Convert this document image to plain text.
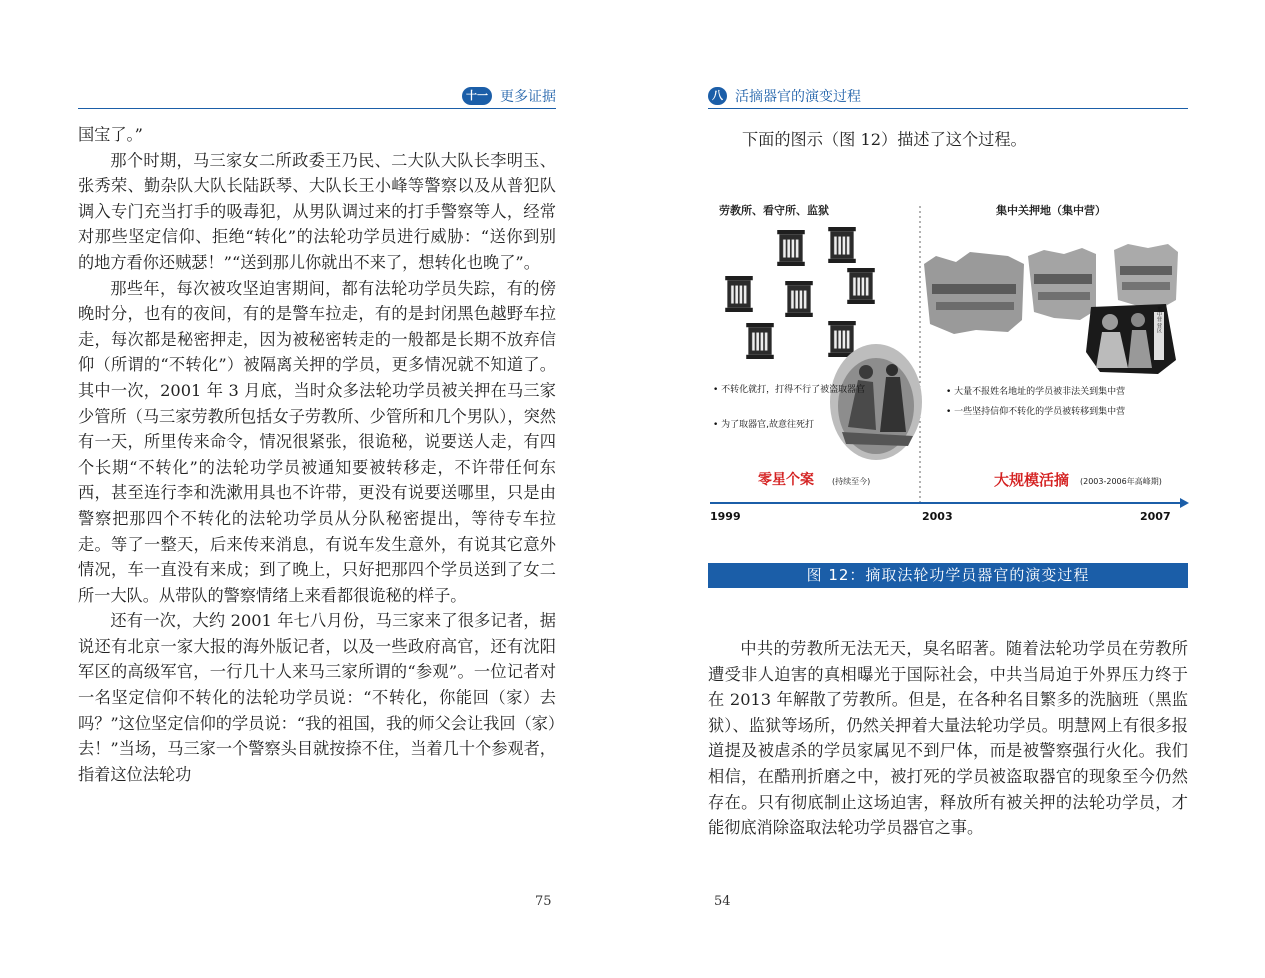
十一 更多证据

国宝了。”

那个时期，马三家女二所政委王乃民、二大队大队长李明玉、张秀荣、勤杂队大队长陆跃琴、大队长王小峰等警察以及从普犯队调入专门充当打手的吸毒犯，从男队调过来的打手警察等人，经常对那些坚定信仰、拒绝“转化”的法轮功学员进行威胁：“送你到别的地方看你还贼瑟！”“送到那儿你就出不来了，想转化也晚了”。

那些年，每次被攻坚迫害期间，都有法轮功学员失踪，有的傍晚时分，也有的夜间，有的是警车拉走，有的是封闭黑色越野车拉走，每次都是秘密押走，因为被秘密转走的一般都是长期不放弃信仰（所谓的“不转化”）被隔离关押的学员，更多情况就不知道了。其中一次，2001 年 3 月底，当时众多法轮功学员被关押在马三家少管所（马三家劳教所包括女子劳教所、少管所和几个男队），突然有一天，所里传来命令，情况很紧张，很诡秘，说要送人走，有四个长期“不转化”的法轮功学员被通知要被转移走，不许带任何东西，甚至连行李和洗漱用具也不许带，更没有说要送哪里，只是由警察把那四个不转化的法轮功学员从分队秘密提出，等待专车拉走。等了一整天，后来传来消息，有说车发生意外，有说其它意外情况，车一直没有来成；到了晚上，只好把那四个学员送到了女二所一大队。从带队的警察情绪上来看都很诡秘的样子。

还有一次，大约 2001 年七八月份，马三家来了很多记者，据说还有北京一家大报的海外版记者，以及一些政府高官，还有沈阳军区的高级军官，一行几十人来马三家所谓的“参观”。一位记者对一名坚定信仰不转化的法轮功学员说：“不转化，你能回（家）去吗？”这位坚定信仰的学员说：“我的祖国，我的师父会让我回（家）去！”当场，马三家一个警察头目就按捺不住，当着几十个参观者，指着这位法轮功

75
八 活摘器官的演变过程
下面的图示（图 12）描述了这个过程。
劳教所、看守所、监狱	集中关押地（集中营）
集中营 营区
• 不转化就打，打得不行了被盗取器官
• 为了取器官,故意往死打
• 大量不报姓名地址的学员被非法关到集中营
• 一些坚持信仰不转化的学员被转移到集中营
零星个案 (持续至今)	大规模活摘 (2003-2006年高峰期)
1999	2003	2007
图 12：摘取法轮功学员器官的演变过程

中共的劳教所无法无天，臭名昭著。随着法轮功学员在劳教所遭受非人迫害的真相曝光于国际社会，中共当局迫于外界压力终于在 2013 年解散了劳教所。但是，在各种名目繁多的洗脑班（黑监狱）、监狱等场所，仍然关押着大量法轮功学员。明慧网上有很多报道提及被虐杀的学员家属见不到尸体，而是被警察强行火化。我们相信，在酷刑折磨之中，被打死的学员被盗取器官的现象至今仍然存在。只有彻底制止这场迫害，释放所有被关押的法轮功学员，才能彻底消除盗取法轮功学员器官之事。

54
